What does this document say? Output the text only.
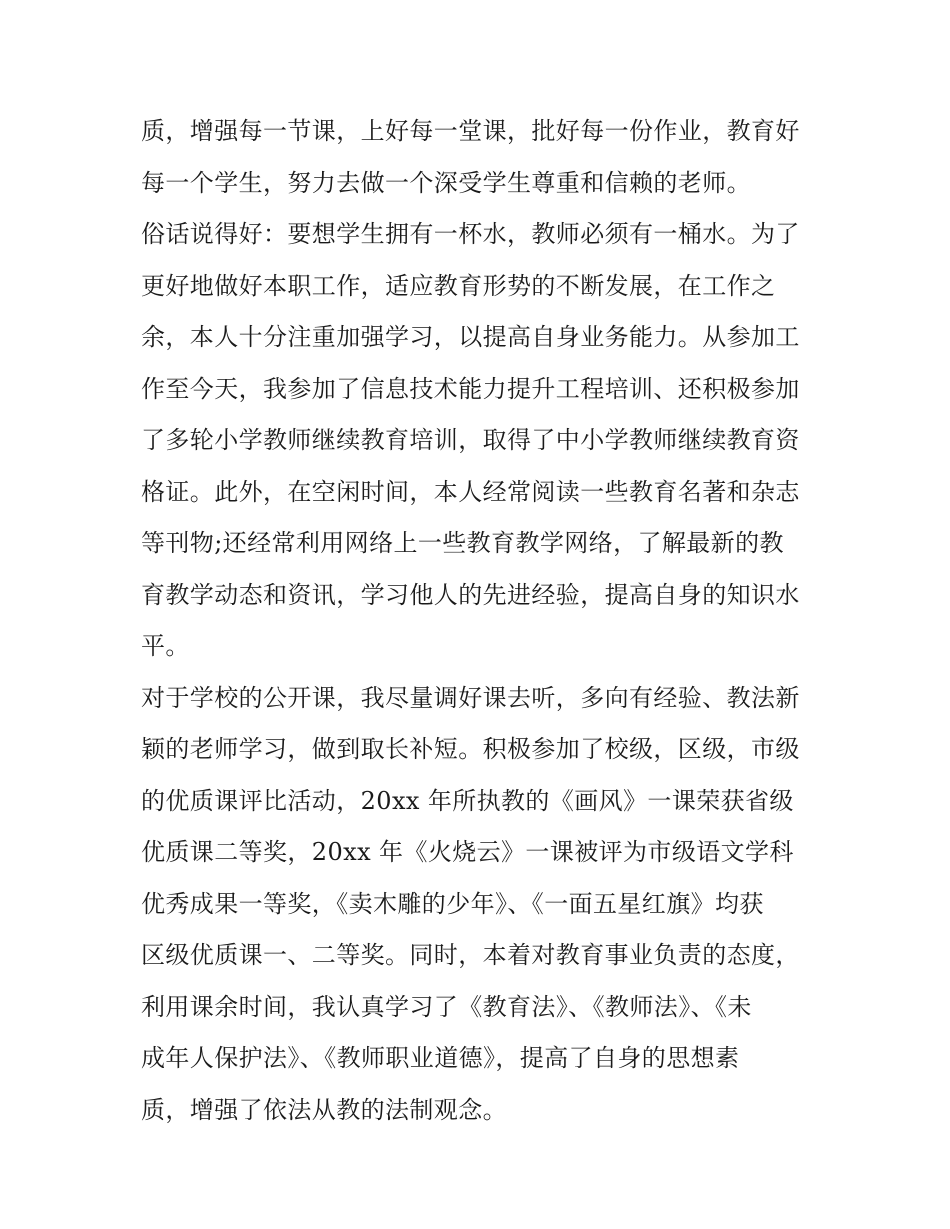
质，增强每一节课，上好每一堂课，批好每一份作业，教育好
每一个学生，努力去做一个深受学生尊重和信赖的老师。
俗话说得好：要想学生拥有一杯水，教师必须有一桶水。为了
更好地做好本职工作，适应教育形势的不断发展，在工作之
余，本人十分注重加强学习，以提高自身业务能力。从参加工
作至今天，我参加了信息技术能力提升工程培训、还积极参加
了多轮小学教师继续教育培训，取得了中小学教师继续教育资
格证。此外，在空闲时间，本人经常阅读一些教育名著和杂志
等刊物;还经常利用网络上一些教育教学网络，了解最新的教
育教学动态和资讯，学习他人的先进经验，提高自身的知识水
平。
对于学校的公开课，我尽量调好课去听，多向有经验、教法新
颖的老师学习，做到取长补短。积极参加了校级，区级，市级
的优质课评比活动，20xx 年所执教的《画风》一课荣获省级
优质课二等奖，20xx 年《火烧云》一课被评为市级语文学科
优秀成果一等奖，《卖木雕的少年》、《一面五星红旗》均获
区级优质课一、二等奖。同时，本着对教育事业负责的态度，
利用课余时间，我认真学习了《教育法》、《教师法》、《未
成年人保护法》、《教师职业道德》，提高了自身的思想素
质，增强了依法从教的法制观念。
